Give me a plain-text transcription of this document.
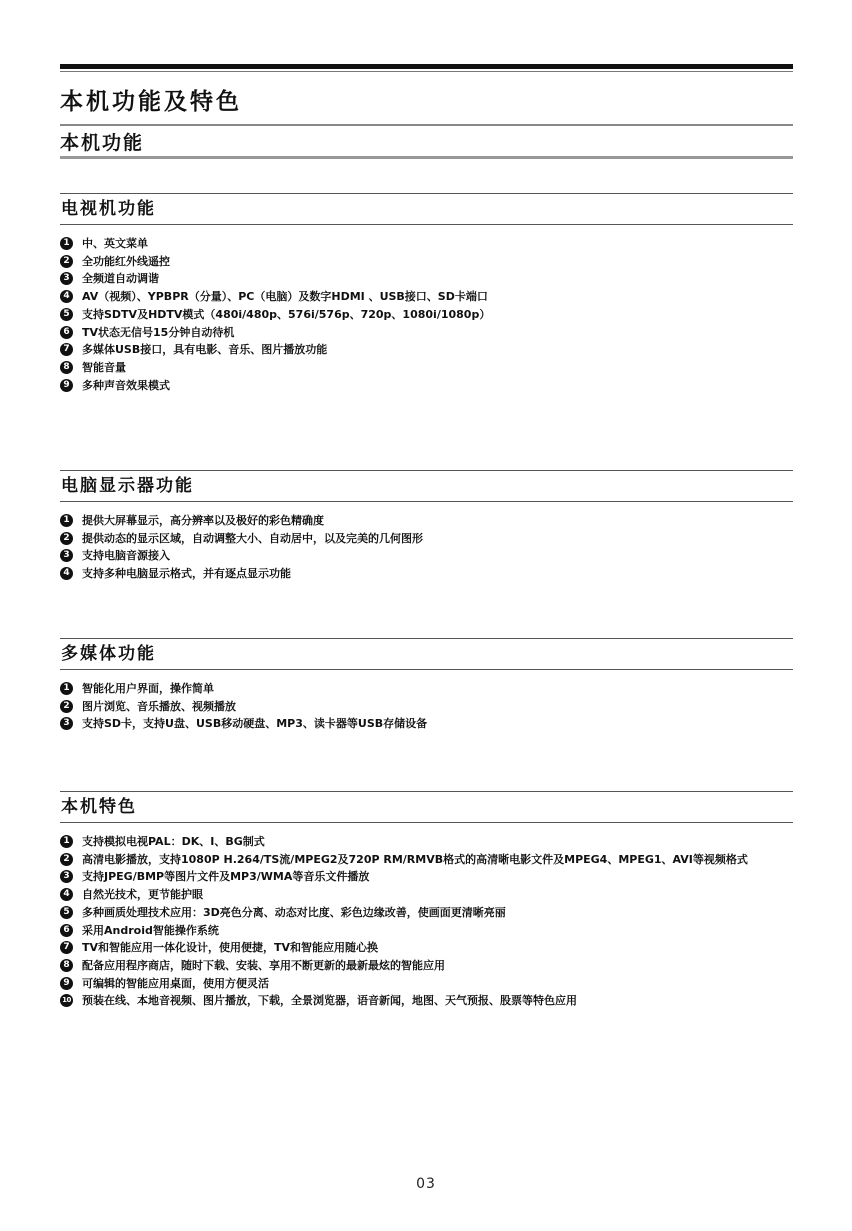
本机功能及特色
本机功能
电视机功能
1	中、英文菜单
2	全功能红外线遥控
3	全频道自动调谐
4	AV（视频）、YPBPR（分量）、PC（电脑）及数字HDMI 、USB接口、SD卡端口
5	支持SDTV及HDTV模式（480i/480p、576i/576p、720p、1080i/1080p）
6	TV状态无信号15分钟自动待机
7	多媒体USB接口，具有电影、音乐、图片播放功能
8	智能音量
9	多种声音效果模式
电脑显示器功能
1	提供大屏幕显示，高分辨率以及极好的彩色精确度
2	提供动态的显示区域，自动调整大小、自动居中，以及完美的几何图形
3	支持电脑音源接入
4	支持多种电脑显示格式，并有逐点显示功能
多媒体功能
1	智能化用户界面，操作简单
2	图片浏览、音乐播放、视频播放
3	支持SD卡，支持U盘、USB移动硬盘、MP3、读卡器等USB存储设备
本机特色
1	支持模拟电视PAL：DK、I、BG制式
2	高清电影播放，支持1080P H.264/TS流/MPEG2及720P RM/RMVB格式的高清晰电影文件及MPEG4、MPEG1、AVI等视频格式
3	支持JPEG/BMP等图片文件及MP3/WMA等音乐文件播放
4	自然光技术，更节能护眼
5	多种画质处理技术应用：3D亮色分离、动态对比度、彩色边缘改善，使画面更清晰亮丽
6	采用Android智能操作系统
7	TV和智能应用一体化设计，使用便捷，TV和智能应用随心换
8	配备应用程序商店，随时下载、安装、享用不断更新的最新最炫的智能应用
9	可编辑的智能应用桌面，使用方便灵活
10 预装在线、本地音视频、图片播放，下载，全景浏览器，语音新闻，地图、天气预报、股票等特色应用
03
